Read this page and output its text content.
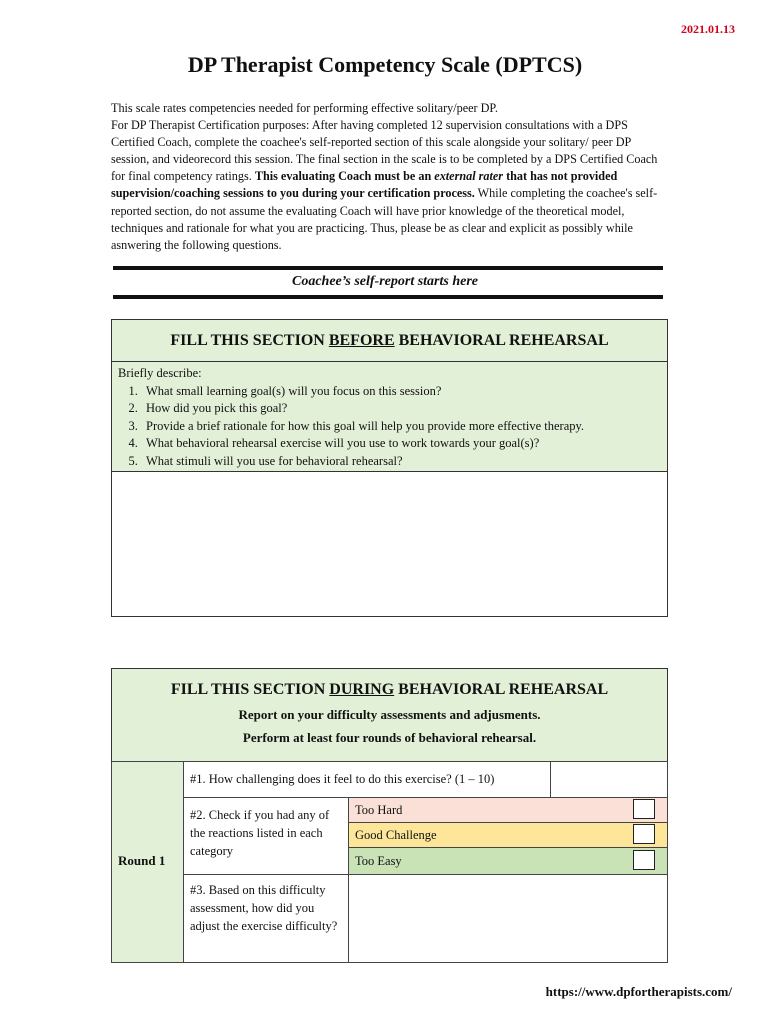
2021.01.13
DP Therapist Competency Scale (DPTCS)

This scale rates competencies needed for performing effective solitary/peer DP.

For DP Therapist Certification purposes: After having completed 12 supervision consultations with a DPS Certified Coach, complete the coachee's self-reported section of this scale alongside your solitary/ peer DP session, and videorecord this session. The final section in the scale is to be completed by a DPS Certified Coach for final competency ratings. This evaluating Coach must be an external rater that has not provided supervision/coaching sessions to you during your certification process. While completing the coachee's self-reported section, do not assume the evaluating Coach will have prior knowledge of the theoretical model, techniques and rationale for what you are practicing. Thus, please be as clear and explicit as possibly while asnwering the following questions.

Coachee’s self-report starts here
FILL THIS SECTION BEFORE BEHAVIORAL REHEARSAL
Briefly describe:
1. What small learning goal(s) will you focus on this session?
2. How did you pick this goal?
3. Provide a brief rationale for how this goal will help you provide more effective therapy.
4. What behavioral rehearsal exercise will you use to work towards your goal(s)?
5. What stimuli will you use for behavioral rehearsal?
FILL THIS SECTION DURING BEHAVIORAL REHEARSAL
Report on your difficulty assessments and adjusments.
Perform at least four rounds of behavioral rehearsal.
Round 1
#1. How challenging does it feel to do this exercise? (1 – 10)
#2. Check if you had any of the reactions listed in each category
Too Hard
Good Challenge
Too Easy
#3. Based on this difficulty assessment, how did you adjust the exercise difficulty?
https://www.dpfortherapists.com/
